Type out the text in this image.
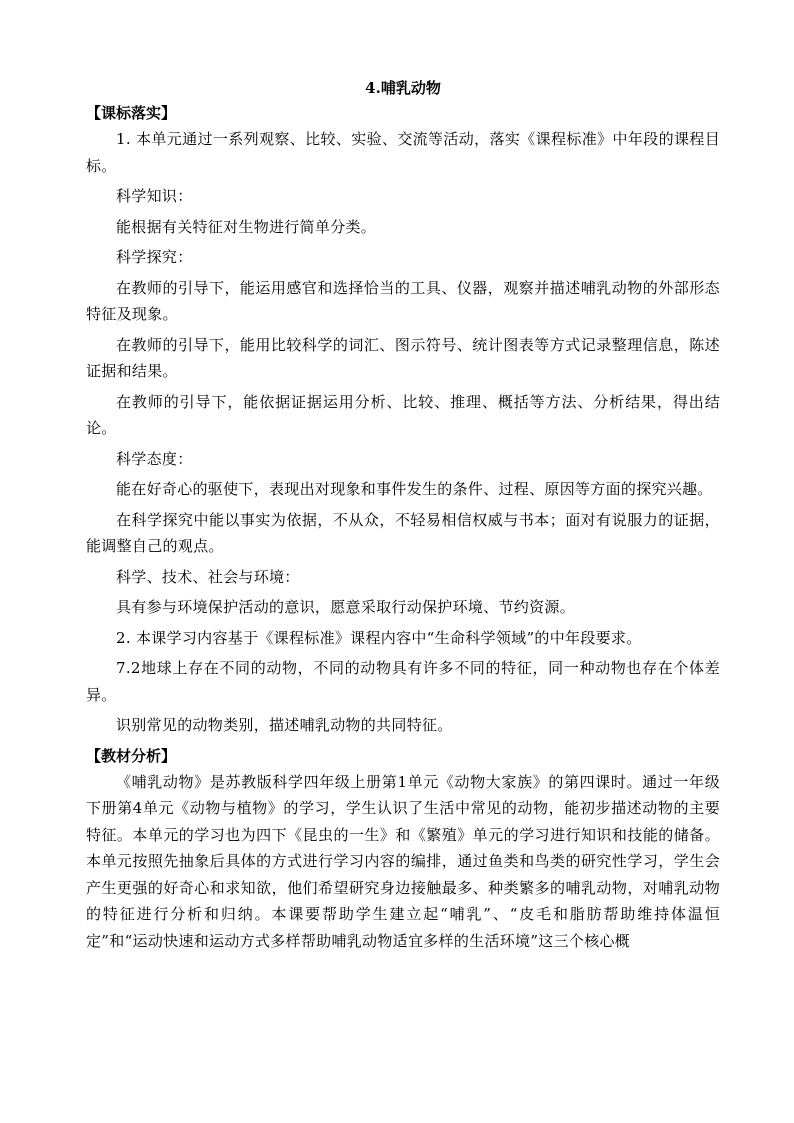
4.哺乳动物
【课标落实】

1. 本单元通过一系列观察、比较、实验、交流等活动，落实《课程标准》中年段的课程目标。

科学知识：

能根据有关特征对生物进行简单分类。

科学探究：

在教师的引导下，能运用感官和选择恰当的工具、仪器，观察并描述哺乳动物的外部形态特征及现象。

在教师的引导下，能用比较科学的词汇、图示符号、统计图表等方式记录整理信息，陈述证据和结果。

在教师的引导下，能依据证据运用分析、比较、推理、概括等方法、分析结果，得出结论。

科学态度：

能在好奇心的驱使下，表现出对现象和事件发生的条件、过程、原因等方面的探究兴趣。

在科学探究中能以事实为依据，不从众，不轻易相信权威与书本；面对有说服力的证据，能调整自己的观点。

科学、技术、社会与环境：

具有参与环境保护活动的意识，愿意采取行动保护环境、节约资源。

2. 本课学习内容基于《课程标准》课程内容中“生命科学领域”的中年段要求。

7.2地球上存在不同的动物，不同的动物具有许多不同的特征，同一种动物也存在个体差异。

识别常见的动物类别，描述哺乳动物的共同特征。

【教材分析】

《哺乳动物》是苏教版科学四年级上册第1单元《动物大家族》的第四课时。通过一年级下册第4单元《动物与植物》的学习，学生认识了生活中常见的动物，能初步描述动物的主要特征。本单元的学习也为四下《昆虫的一生》和《繁殖》单元的学习进行知识和技能的储备。本单元按照先抽象后具体的方式进行学习内容的编排，通过鱼类和鸟类的研究性学习，学生会产生更强的好奇心和求知欲，他们希望研究身边接触最多、种类繁多的哺乳动物，对哺乳动物的特征进行分析和归纳。本课要帮助学生建立起“哺乳”、“皮毛和脂肪帮助维持体温恒定”和“运动快速和运动方式多样帮助哺乳动物适宜多样的生活环境”这三个核心概
